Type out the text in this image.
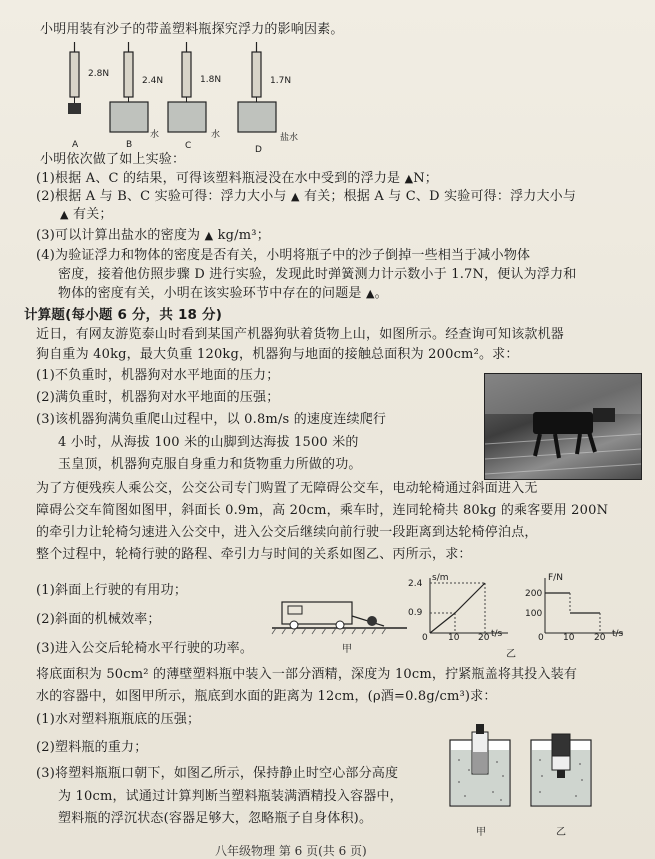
小明用装有沙子的带盖塑料瓶探究浮力的影响因素。
2.8N
2.4N	1.8N	1.7N
A	B
水
C
水
D
盐水
小明依次做了如上实验：
(1)根据 A、C 的结果，可得该塑料瓶浸没在水中受到的浮力是 ▲N；
(2)根据 A 与 B、C 实验可得：浮力大小与 ▲ 有关；根据 A 与 C、D 实验可得：浮力大小与
▲ 有关；
(3)可以计算出盐水的密度为 ▲ kg/m³；
(4)为验证浮力和物体的密度是否有关，小明将瓶子中的沙子倒掉一些相当于减小物体
密度，接着他仿照步骤 D 进行实验，发现此时弹簧测力计示数小于 1.7N，便认为浮力和
物体的密度有关，小明在该实验环节中存在的问题是 ▲。
计算题(每小题 6 分，共 18 分)
近日，有网友游览泰山时看到某国产机器狗驮着货物上山，如图所示。经查询可知该款机器
狗自重为 40kg，最大负重 120kg，机器狗与地面的接触总面积为 200cm²。求：
(1)不负重时，机器狗对水平地面的压力；
(2)满负重时，机器狗对水平地面的压强；
(3)该机器狗满负重爬山过程中，以 0.8m/s 的速度连续爬行
4 小时，从海拔 100 米的山脚到达海拔 1500 米的
玉皇顶，机器狗克服自身重力和货物重力所做的功。
为了方便残疾人乘公交，公交公司专门购置了无障碍公交车，电动轮椅通过斜面进入无
障碍公交车简图如图甲，斜面长 0.9m，高 20cm，乘车时，连同轮椅共 80kg 的乘客要用 200N
的牵引力让轮椅匀速进入公交中，进入公交后继续向前行驶一段距离到达轮椅停泊点，
整个过程中，轮椅行驶的路程、牵引力与时间的关系如图乙、丙所示，求：
(1)斜面上行驶的有用功；
(2)斜面的机械效率；
(3)进入公交后轮椅水平行驶的功率。	甲
s/m
2.4
0.9
0 10 20 t/s
乙
F/N
200
100
0 10 20 t/s
将底面积为 50cm² 的薄壁塑料瓶中装入一部分酒精，深度为 10cm，拧紧瓶盖将其投入装有
水的容器中，如图甲所示，瓶底到水面的距离为 12cm，(ρ酒=0.8g/cm³)求：
(1)水对塑料瓶瓶底的压强；
(2)塑料瓶的重力；
(3)将塑料瓶瓶口朝下，如图乙所示，保持静止时空心部分高度
为 10cm，试通过计算判断当塑料瓶装满酒精投入容器中，
塑料瓶的浮沉状态(容器足够大，忽略瓶子自身体积)。
甲	乙
八年级物理 第 6 页(共 6 页)
